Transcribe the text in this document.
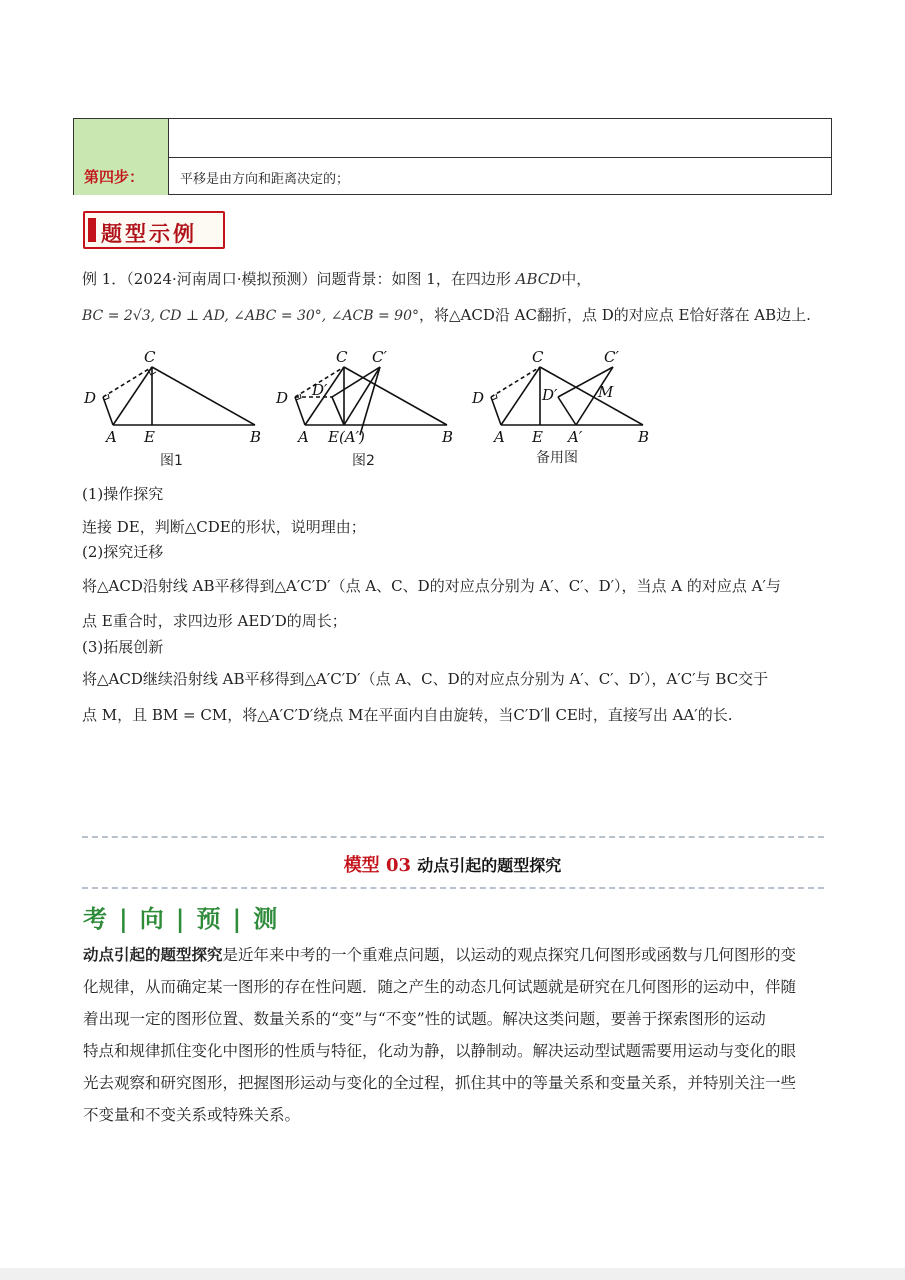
第四步：	平移是由方向和距离决定的；
题型示例
例 1．（2024·河南周口·模拟预测）问题背景：如图 1，在四边形 ABCD中，
BC = 2√3, CD ⊥ AD, ∠ABC = 30°, ∠ACB = 90°，将△ACD沿 AC翻折，点 D的对应点 E恰好落在 AB边上.
C
D
A E	B
图1
C C′
D′
D
A E(A′)	B
图2
C	C′
D′	M
D
A E A′	B
备用图
(1)操作探究
连接 DE，判断△CDE的形状，说明理由；
(2)探究迁移
将△ACD沿射线 AB平移得到△A′C′D′（点 A、C、D的对应点分别为 A′、C′、D′），当点 A 的对应点 A′与
点 E重合时，求四边形 AED′D的周长；
(3)拓展创新
将△ACD继续沿射线 AB平移得到△A′C′D′（点 A、C、D的对应点分别为 A′、C′、D′），A′C′与 BC交于
点 M，且 BM = CM，将△A′C′D′绕点 M在平面内自由旋转，当C′D′∥ CE时，直接写出 AA′的长.
模型 03 动点引起的题型探究
考 | 向 | 预 | 测
动点引起的题型探究是近年来中考的一个重难点问题，以运动的观点探究几何图形或函数与几何图形的变
化规律，从而确定某一图形的存在性问题．随之产生的动态几何试题就是研究在几何图形的运动中，伴随
着出现一定的图形位置、数量关系的“变”与“不变”性的试题。解决这类问题，要善于探索图形的运动
特点和规律抓住变化中图形的性质与特征，化动为静，以静制动。解决运动型试题需要用运动与变化的眼
光去观察和研究图形，把握图形运动与变化的全过程，抓住其中的等量关系和变量关系，并特别关注一些
不变量和不变关系或特殊关系。
